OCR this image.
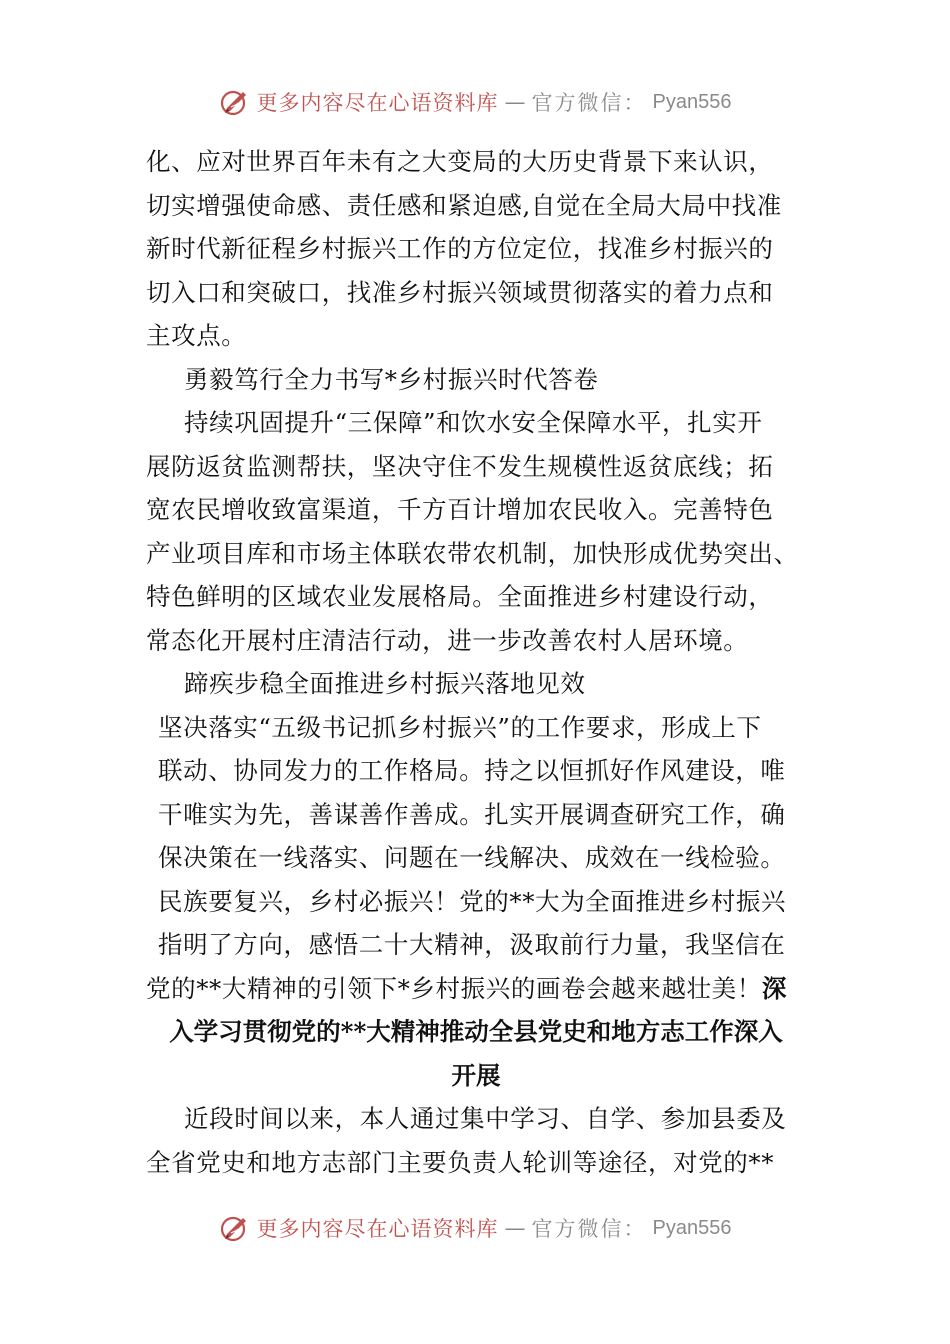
更多内容尽在心语资料库 — 官方微信： Pyan556
化、应对世界百年未有之大变局的大历史背景下来认识，
切实增强使命感、责任感和紧迫感,自觉在全局大局中找准
新时代新征程乡村振兴工作的方位定位，找准乡村振兴的
切入口和突破口，找准乡村振兴领域贯彻落实的着力点和
主攻点。
勇毅笃行全力书写*乡村振兴时代答卷
持续巩固提升“三保障”和饮水安全保障水平，扎实开
展防返贫监测帮扶，坚决守住不发生规模性返贫底线；拓
宽农民增收致富渠道，千方百计增加农民收入。完善特色
产业项目库和市场主体联农带农机制，加快形成优势突出、
特色鲜明的区域农业发展格局。全面推进乡村建设行动，
常态化开展村庄清洁行动，进一步改善农村人居环境。
蹄疾步稳全面推进乡村振兴落地见效
坚决落实“五级书记抓乡村振兴”的工作要求，形成上下
联动、协同发力的工作格局。持之以恒抓好作风建设，唯
干唯实为先，善谋善作善成。扎实开展调查研究工作，确
保决策在一线落实、问题在一线解决、成效在一线检验。
民族要复兴，乡村必振兴！党的**大为全面推进乡村振兴
指明了方向，感悟二十大精神，汲取前行力量，我坚信在
党的**大精神的引领下*乡村振兴的画卷会越来越壮美！深
入学习贯彻党的**大精神推动全县党史和地方志工作深入
开展
近段时间以来，本人通过集中学习、自学、参加县委及
全省党史和地方志部门主要负责人轮训等途径，对党的**
更多内容尽在心语资料库 — 官方微信： Pyan556
